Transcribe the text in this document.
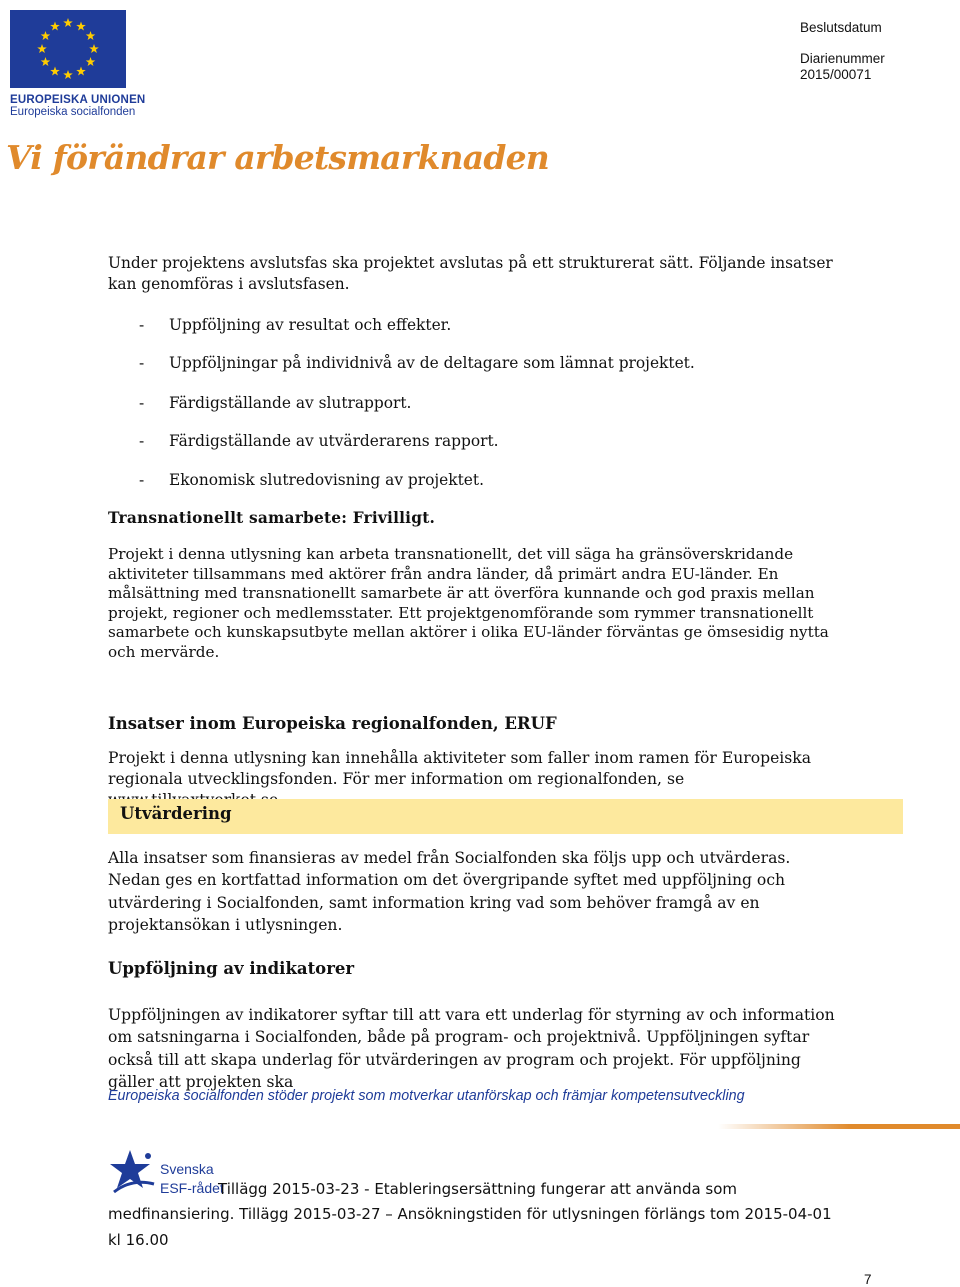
EUROPEISKA UNIONEN
Europeiska socialfonden
Vi förändrar arbetsmarknaden
Beslutsdatum
Diarienummer
2015/00071
Under projektens avslutsfas ska projektet avslutas på ett strukturerat sätt. Följande insatser kan genomföras i avslutsfasen.
- Uppföljning av resultat och effekter.
- Uppföljningar på individnivå av de deltagare som lämnat projektet.
- Färdigställande av slutrapport.
- Färdigställande av utvärderarens rapport.
- Ekonomisk slutredovisning av projektet.
Transnationellt samarbete: Frivilligt.
Projekt i denna utlysning kan arbeta transnationellt, det vill säga ha gränsöverskridande aktiviteter tillsammans med aktörer från andra länder, då primärt andra EU-länder. En målsättning med transnationellt samarbete är att överföra kunnande och god praxis mellan projekt, regioner och medlemsstater. Ett projektgenomförande som rymmer transnationellt samarbete och kunskapsutbyte mellan aktörer i olika EU-länder förväntas ge ömsesidig nytta och mervärde.
Insatser inom Europeiska regionalfonden, ERUF
Projekt i denna utlysning kan innehålla aktiviteter som faller inom ramen för Europeiska regionala utvecklingsfonden. För mer information om regionalfonden, se
Utvärdering
Alla insatser som finansieras av medel från Socialfonden ska följs upp och utvärderas. Nedan ges en kortfattad information om det övergripande syftet med uppföljning och utvärdering i Socialfonden, samt information kring vad som behöver framgå av en projektansökan i utlysningen.
Uppföljning av indikatorer
Uppföljningen av indikatorer syftar till att vara ett underlag för styrning av och information om satsningarna i Socialfonden, både på program- och projektnivå. Uppföljningen syftar också till att skapa underlag för utvärderingen av program och projekt. För uppföljning gäller att projekten ska
Europeiska socialfonden stöder projekt som motverkar utanförskap och främjar kompetensutveckling
Svenska
ESF-rådet
Tillägg 2015-03-23 - Etableringsersättning fungerar att använda som
medfinansiering. Tillägg 2015-03-27 – Ansökningstiden för utlysningen förlängs tom 2015-04-01
kl 16.00
7
